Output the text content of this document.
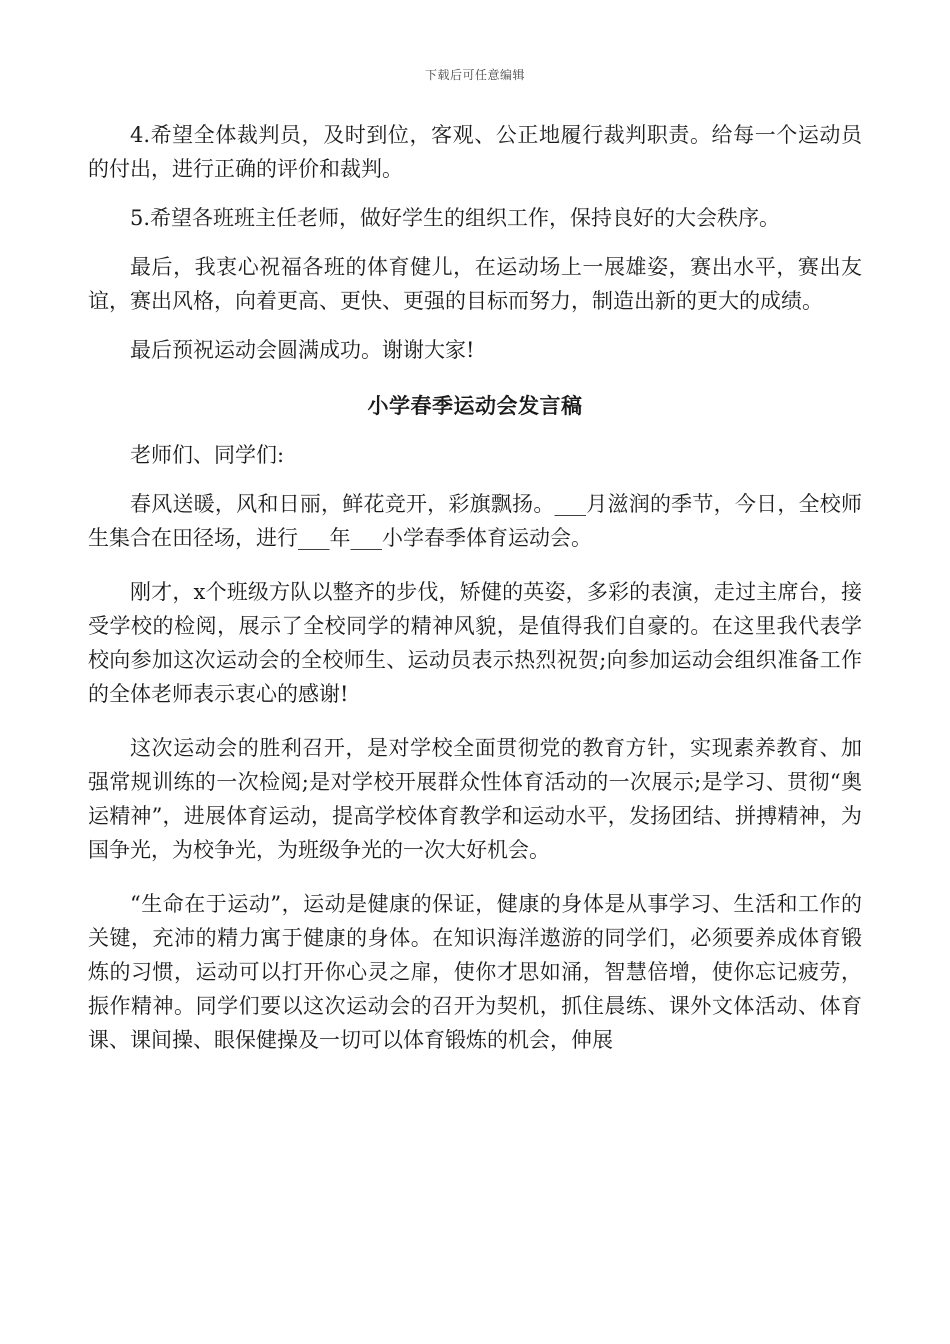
下载后可任意编辑

4.希望全体裁判员，及时到位，客观、公正地履行裁判职责。给每一个运动员的付出，进行正确的评价和裁判。

5.希望各班班主任老师，做好学生的组织工作，保持良好的大会秩序。

最后，我衷心祝福各班的体育健儿，在运动场上一展雄姿，赛出水平，赛出友谊，赛出风格，向着更高、更快、更强的目标而努力，制造出新的更大的成绩。

最后预祝运动会圆满成功。谢谢大家!

小学春季运动会发言稿

老师们、同学们:

春风送暖，风和日丽，鲜花竞开，彩旗飘扬。___月滋润的季节，今日，全校师生集合在田径场，进行___年___小学春季体育运动会。

刚才，x个班级方队以整齐的步伐，矫健的英姿，多彩的表演，走过主席台，接受学校的检阅，展示了全校同学的精神风貌，是值得我们自豪的。在这里我代表学校向参加这次运动会的全校师生、运动员表示热烈祝贺;向参加运动会组织准备工作的全体老师表示衷心的感谢!

这次运动会的胜利召开，是对学校全面贯彻党的教育方针，实现素养教育、加强常规训练的一次检阅;是对学校开展群众性体育活动的一次展示;是学习、贯彻“奥运精神”，进展体育运动，提高学校体育教学和运动水平，发扬团结、拼搏精神，为国争光，为校争光，为班级争光的一次大好机会。

“生命在于运动”，运动是健康的保证，健康的身体是从事学习、生活和工作的关键，充沛的精力寓于健康的身体。在知识海洋遨游的同学们，必须要养成体育锻炼的习惯，运动可以打开你心灵之扉，使你才思如涌，智慧倍增，使你忘记疲劳，振作精神。同学们要以这次运动会的召开为契机，抓住晨练、课外文体活动、体育课、课间操、眼保健操及一切可以体育锻炼的机会，伸展
